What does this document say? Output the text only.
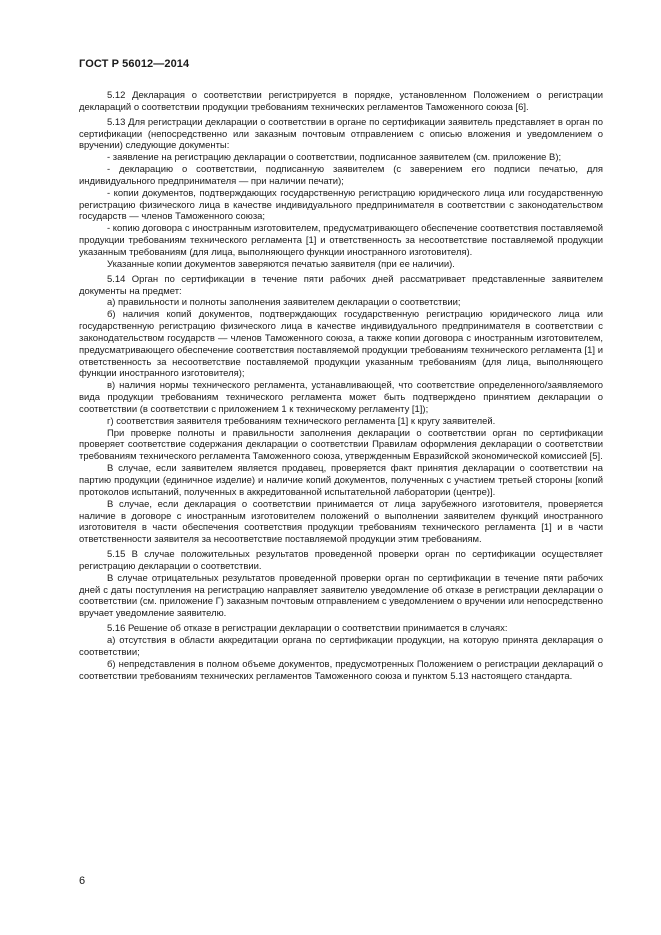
ГОСТ Р 56012—2014

5.12 Декларация о соответствии регистрируется в порядке, установленном Положением о регистрации деклараций о соответствии продукции требованиям технических регламентов Таможенного союза [6].

5.13 Для регистрации декларации о соответствии в органе по сертификации заявитель представляет в орган по сертификации (непосредственно или заказным почтовым отправлением с описью вложения и уведомлением о вручении) следующие документы:

- заявление на регистрацию декларации о соответствии, подписанное заявителем (см. приложение В);

- декларацию о соответствии, подписанную заявителем (с заверением его подписи печатью, для индивидуального предпринимателя — при наличии печати);

- копии документов, подтверждающих государственную регистрацию юридического лица или государственную регистрацию физического лица в качестве индивидуального предпринимателя в соответствии с законодательством государств — членов Таможенного союза;

- копию договора с иностранным изготовителем, предусматривающего обеспечение соответствия поставляемой продукции требованиям технического регламента [1] и ответственность за несоответствие поставляемой продукции указанным требованиям (для лица, выполняющего функции иностранного изготовителя).

Указанные копии документов заверяются печатью заявителя (при ее наличии).

5.14 Орган по сертификации в течение пяти рабочих дней рассматривает представленные заявителем документы на предмет:

а) правильности и полноты заполнения заявителем декларации о соответствии;

б) наличия копий документов, подтверждающих государственную регистрацию юридического лица или государственную регистрацию физического лица в качестве индивидуального предпринимателя в соответствии с законодательством государств — членов Таможенного союза, а также копии договора с иностранным изготовителем, предусматривающего обеспечение соответствия поставляемой продукции требованиям технического регламента [1] и ответственность за несоответствие поставляемой продукции указанным требованиям (для лица, выполняющего функции иностранного изготовителя);

в) наличия нормы технического регламента, устанавливающей, что соответствие определенного/заявляемого вида продукции требованиям технического регламента может быть подтверждено принятием декларации о соответствии (в соответствии с приложением 1 к техническому регламенту [1]);

г) соответствия заявителя требованиям технического регламента [1] к кругу заявителей.

При проверке полноты и правильности заполнения декларации о соответствии орган по сертификации проверяет соответствие содержания декларации о соответствии Правилам оформления декларации о соответствии требованиям технического регламента Таможенного союза, утвержденным Евразийской экономической комиссией [5].

В случае, если заявителем является продавец, проверяется факт принятия декларации о соответствии на партию продукции (единичное изделие) и наличие копий документов, полученных с участием третьей стороны [копий протоколов испытаний, полученных в аккредитованной испытательной лаборатории (центре)].

В случае, если декларация о соответствии принимается от лица зарубежного изготовителя, проверяется наличие в договоре с иностранным изготовителем положений о выполнении заявителем функций иностранного изготовителя в части обеспечения соответствия продукции требованиям технического регламента [1] и в части ответственности заявителя за несоответствие поставляемой продукции этим требованиям.

5.15 В случае положительных результатов проведенной проверки орган по сертификации осуществляет регистрацию декларации о соответствии.

В случае отрицательных результатов проведенной проверки орган по сертификации в течение пяти рабочих дней с даты поступления на регистрацию направляет заявителю уведомление об отказе в регистрации декларации о соответствии (см. приложение Г) заказным почтовым отправлением с уведомлением о вручении или непосредственно вручает уведомление заявителю.

5.16 Решение об отказе в регистрации декларации о соответствии принимается в случаях:

а) отсутствия в области аккредитации органа по сертификации продукции, на которую принята декларация о соответствии;

б) непредставления в полном объеме документов, предусмотренных Положением о регистрации деклараций о соответствии требованиям технических регламентов Таможенного союза и пунктом 5.13 настоящего стандарта.

6
